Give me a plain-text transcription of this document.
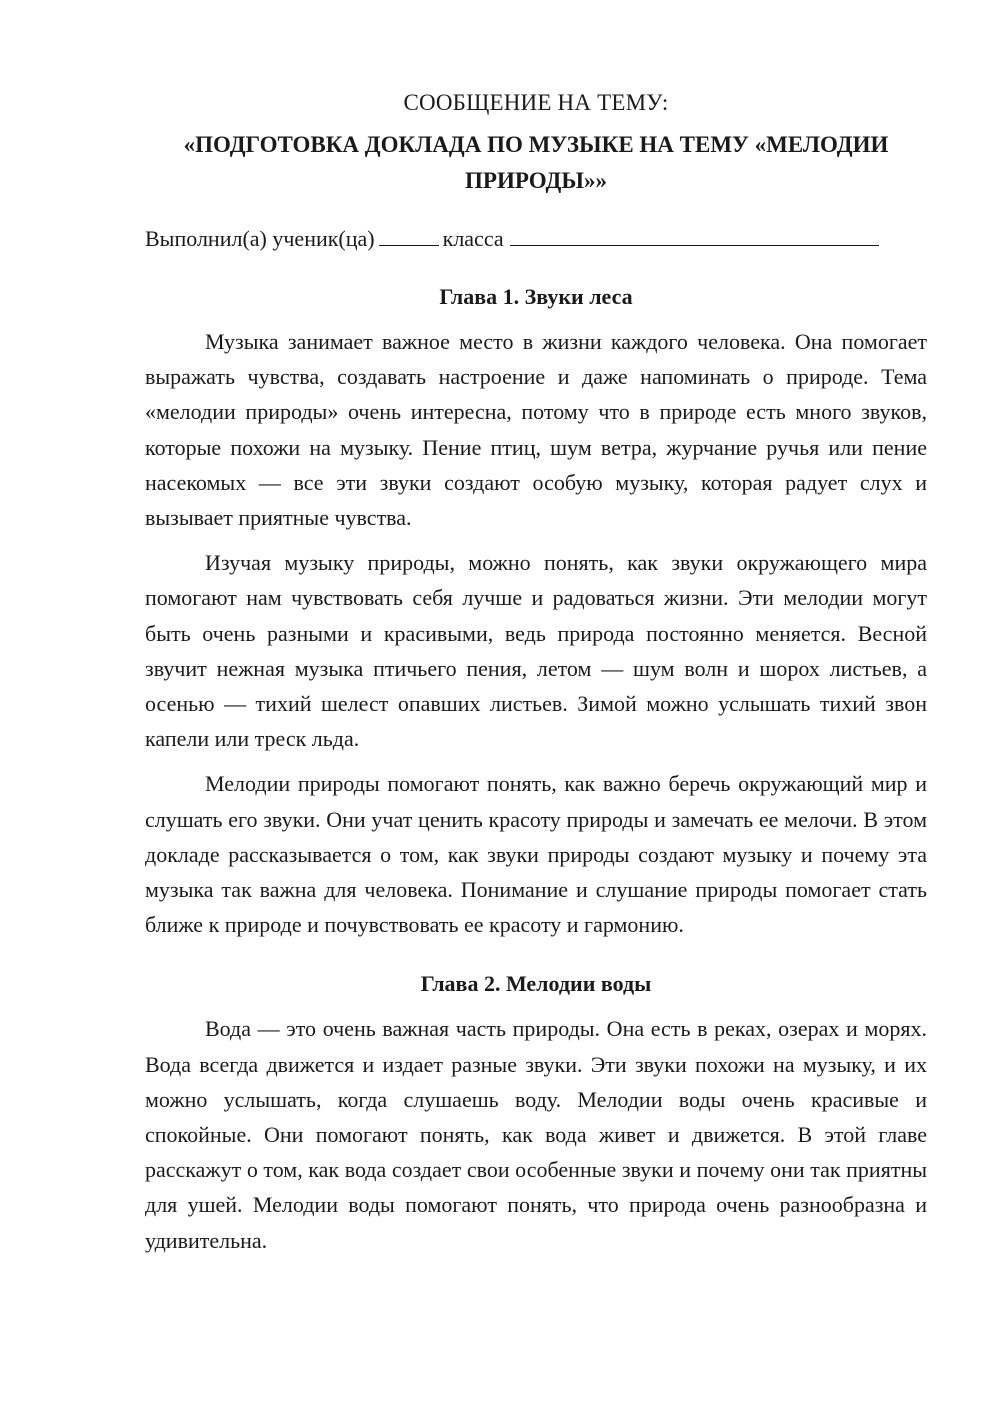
СООБЩЕНИЕ НА ТЕМУ:

«ПОДГОТОВКА ДОКЛАДА ПО МУЗЫКЕ НА ТЕМУ «МЕЛОДИИ
ПРИРОДЫ»»

Выполнил(а) ученик(ца)	класса

Глава 1. Звуки леса

Музыка занимает важное место в жизни каждого человека. Она помогает выражать чувства, создавать настроение и даже напоминать о природе. Тема «мелодии природы» очень интересна, потому что в природе есть много звуков, которые похожи на музыку. Пение птиц, шум ветра, журчание ручья или пение насекомых — все эти звуки создают особую музыку, которая радует слух и вызывает приятные чувства.

Изучая музыку природы, можно понять, как звуки окружающего мира помогают нам чувствовать себя лучше и радоваться жизни. Эти мелодии могут быть очень разными и красивыми, ведь природа постоянно меняется. Весной звучит нежная музыка птичьего пения, летом — шум волн и шорох листьев, а осенью — тихий шелест опавших листьев. Зимой можно услышать тихий звон капели или треск льда.

Мелодии природы помогают понять, как важно беречь окружающий мир и слушать его звуки. Они учат ценить красоту природы и замечать ее мелочи. В этом докладе рассказывается о том, как звуки природы создают музыку и почему эта музыка так важна для человека. Понимание и слушание природы помогает стать ближе к природе и почувствовать ее красоту и гармонию.

Глава 2. Мелодии воды

Вода — это очень важная часть природы. Она есть в реках, озерах и морях. Вода всегда движется и издает разные звуки. Эти звуки похожи на музыку, и их можно услышать, когда слушаешь воду. Мелодии воды очень красивые и спокойные. Они помогают понять, как вода живет и движется. В этой главе расскажут о том, как вода создает свои особенные звуки и почему они так приятны для ушей. Мелодии воды помогают понять, что природа очень разнообразна и удивительна.
